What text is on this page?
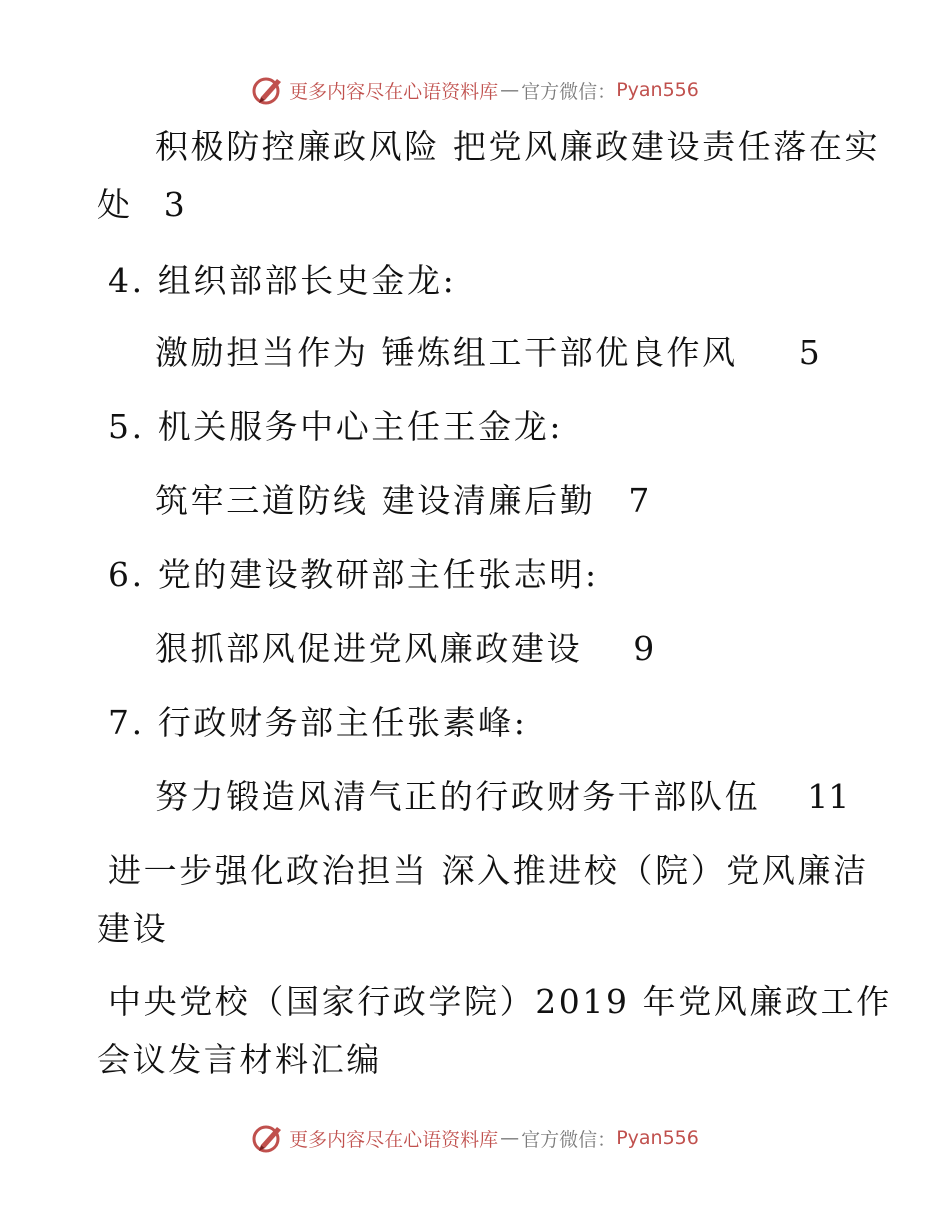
更多内容尽在心语资料库 — 官方微信： Pyan556
积极防控廉政风险 把党风廉政建设责任落在实
处 3
4. 组织部部长史金龙:
激励担当作为 锤炼组工干部优良作风 5
5. 机关服务中心主任王金龙:
筑牢三道防线 建设清廉后勤 7
6. 党的建设教研部主任张志明:
狠抓部风促进党风廉政建设 9
7. 行政财务部主任张素峰:
努力锻造风清气正的行政财务干部队伍 11
进一步强化政治担当 深入推进校（院）党风廉洁
建设
中央党校（国家行政学院）2019 年党风廉政工作
会议发言材料汇编
更多内容尽在心语资料库 — 官方微信： Pyan556
